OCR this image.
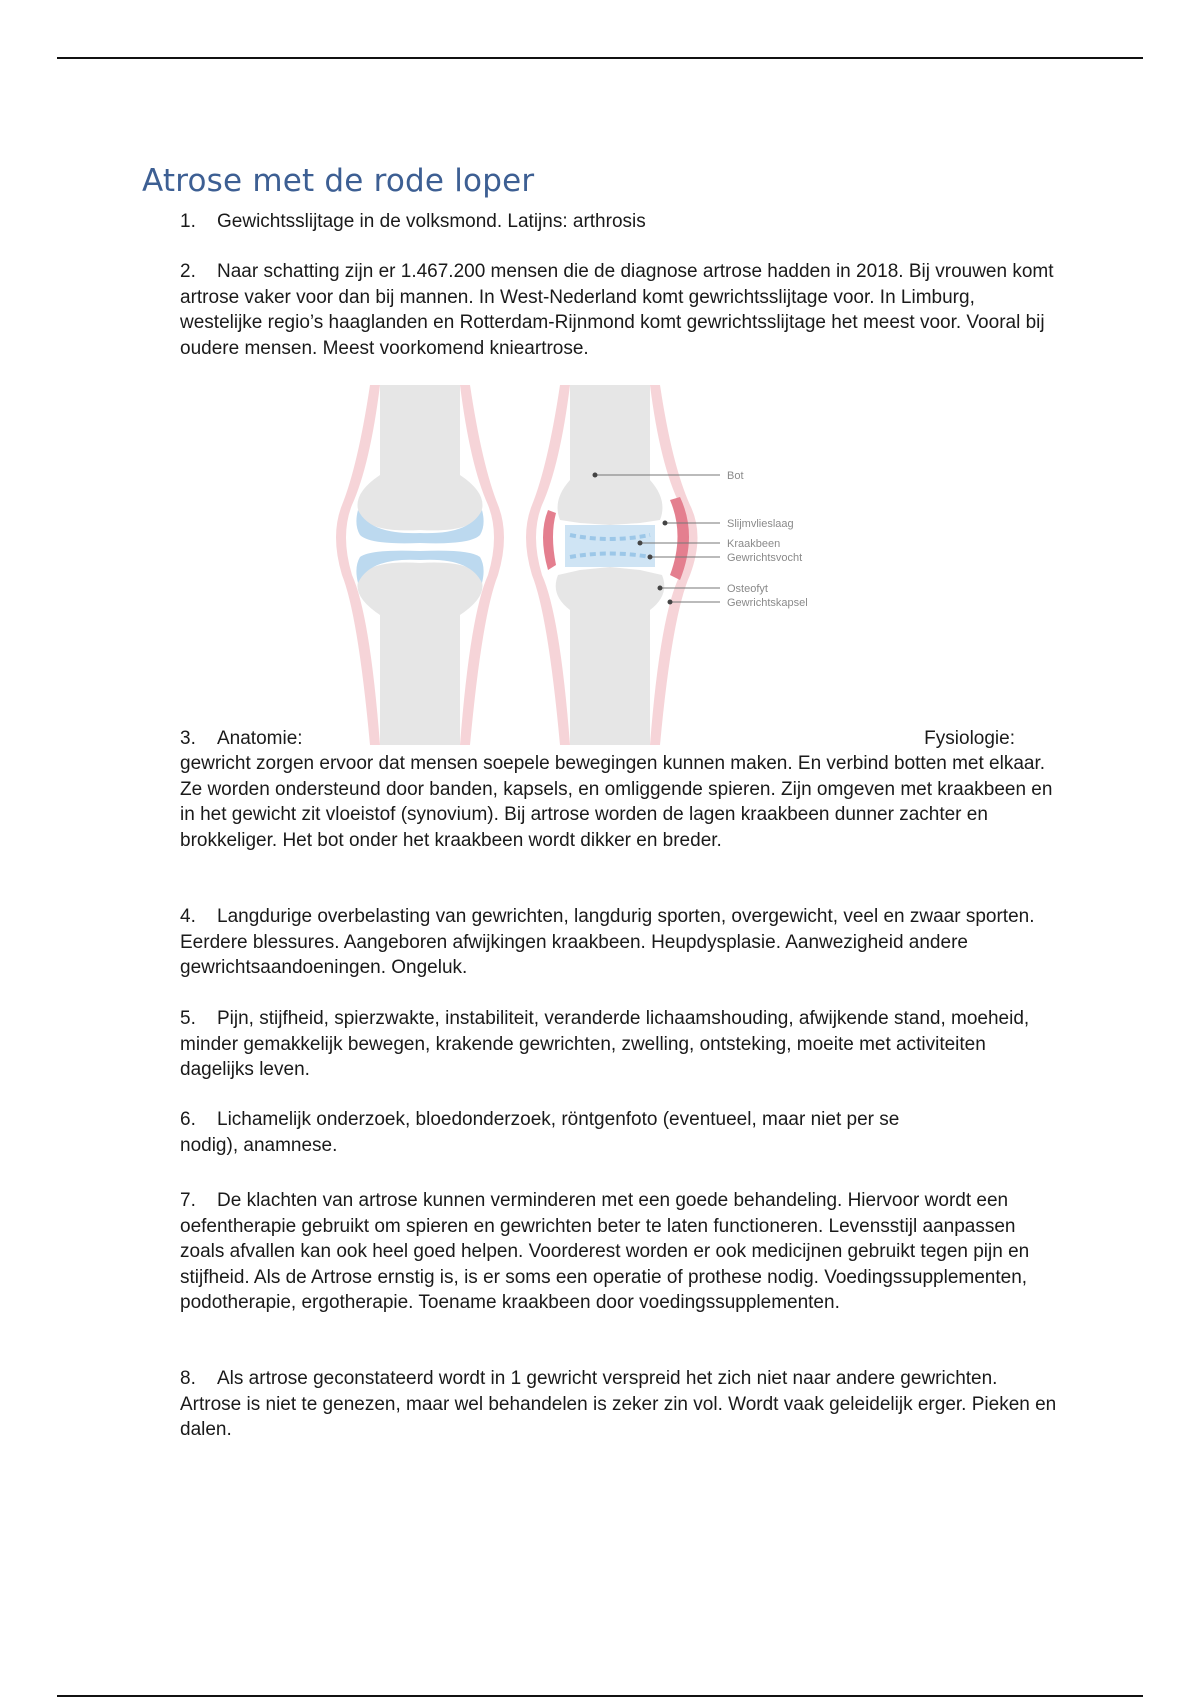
Atrose met de rode loper

1. Gewichtsslijtage in de volksmond. Latijns: arthrosis

2. Naar schatting zijn er 1.467.200 mensen die de diagnose artrose hadden in 2018. Bij vrouwen komt artrose vaker voor dan bij mannen. In West-Nederland komt gewrichtsslijtage voor. In Limburg, westelijke regio’s haaglanden en Rotterdam-Rijnmond komt gewrichtsslijtage het meest voor. Vooral bij oudere mensen. Meest voorkomend knieartrose.

Bot
Slijmvlieslaag
Kraakbeen
Gewrichtsvocht
Osteofyt
Gewrichtskapsel

3. Anatomie:	Fysiologie:

gewricht zorgen ervoor dat mensen soepele bewegingen kunnen maken. En verbind botten met elkaar. Ze worden ondersteund door banden, kapsels, en omliggende spieren. Zijn omgeven met kraakbeen en in het gewicht zit vloeistof (synovium). Bij artrose worden de lagen kraakbeen dunner zachter en brokkeliger. Het bot onder het kraakbeen wordt dikker en breder.

4. Langdurige overbelasting van gewrichten, langdurig sporten, overgewicht, veel en zwaar sporten. Eerdere blessures. Aangeboren afwijkingen kraakbeen. Heupdysplasie. Aanwezigheid andere gewrichtsaandoeningen. Ongeluk.

5. Pijn, stijfheid, spierzwakte, instabiliteit, veranderde lichaamshouding, afwijkende stand, moeheid, minder gemakkelijk bewegen, krakende gewrichten, zwelling, ontsteking, moeite met activiteiten dagelijks leven.

6. Lichamelijk onderzoek, bloedonderzoek, röntgenfoto (eventueel, maar niet per se nodig), anamnese.

7. De klachten van artrose kunnen verminderen met een goede behandeling. Hiervoor wordt een oefentherapie gebruikt om spieren en gewrichten beter te laten functioneren. Levensstijl aanpassen zoals afvallen kan ook heel goed helpen. Voorderest worden er ook medicijnen gebruikt tegen pijn en stijfheid. Als de Artrose ernstig is, is er soms een operatie of prothese nodig. Voedingssupplementen, podotherapie, ergotherapie. Toename kraakbeen door voedingssupplementen.

8. Als artrose geconstateerd wordt in 1 gewricht verspreid het zich niet naar andere gewrichten. Artrose is niet te genezen, maar wel behandelen is zeker zin vol. Wordt vaak geleidelijk erger. Pieken en dalen.
